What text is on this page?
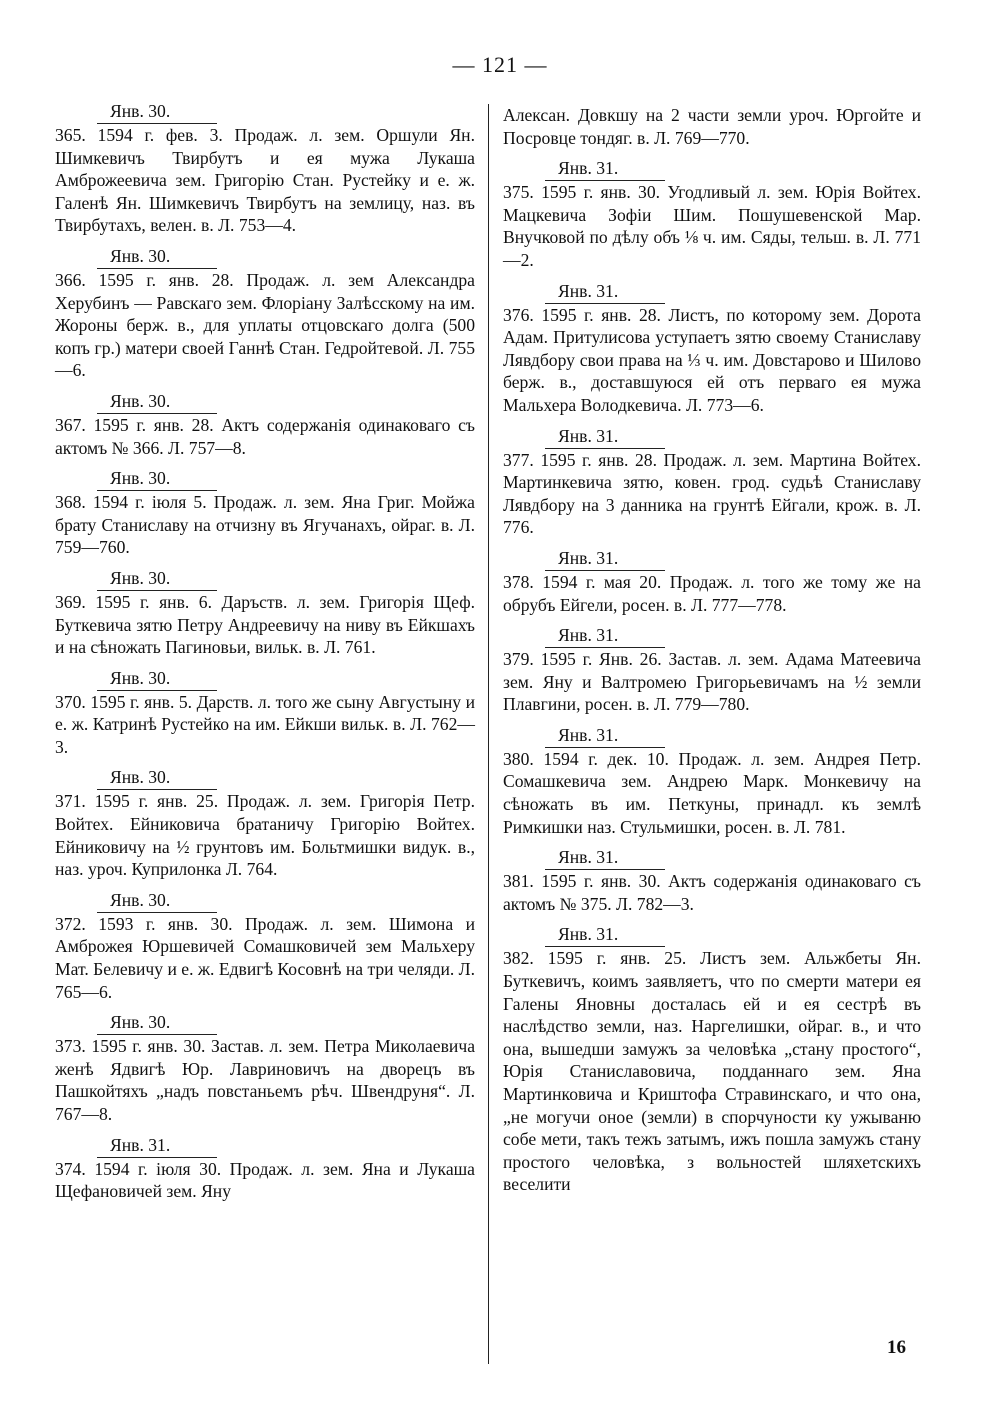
— 121 —
Янв. 30.

365. 1594 г. фев. 3. Продаж. л. зем. Оршули Ян. Шимкевичъ Твирбутъ и ея мужа Лукаша Амброжеевича зем. Григорію Стан. Рустейку и е. ж. Галенѣ Ян. Шимкевичъ Твирбутъ на землицу, наз. въ Твирбутахъ, велен. в. Л. 753—4.

Янв. 30.

366. 1595 г. янв. 28. Продаж. л. зем Александра Херубинъ — Равскаго зем. Флоріану Залѣсскому на им. Жороны берж. в., для уплаты отцовскаго долга (500 копъ гр.) матери своей Ганнѣ Стан. Гедройтевой. Л. 755—6.

Янв. 30.

367. 1595 г. янв. 28. Актъ содержанія одинаковаго съ актомъ № 366. Л. 757—8.

Янв. 30.

368. 1594 г. іюля 5. Продаж. л. зем. Яна Григ. Мойжа брату Станиславу на отчизну въ Ягучанахъ, ойраг. в. Л. 759—760.

Янв. 30.

369. 1595 г. янв. 6. Даръств. л. зем. Григорія Щеф. Буткевича зятю Петру Андреевичу на ниву въ Ейкшахъ и на сѣножать Пагиновьи, вильк. в. Л. 761.

Янв. 30.

370. 1595 г. янв. 5. Дарств. л. того же сыну Августыну и е. ж. Катринѣ Рустейко на им. Ейкши вильк. в. Л. 762—3.

Янв. 30.

371. 1595 г. янв. 25. Продаж. л. зем. Григорія Петр. Войтех. Ейниковича братаничу Григорію Войтех. Ейниковичу на ½ грунтовъ им. Больтмишки видук. в., наз. уроч. Куприлонка Л. 764.

Янв. 30.

372. 1593 г. янв. 30. Продаж. л. зем. Шимона и Амброжея Юршевичей Сомашковичей зем Мальхеру Мат. Белевичу и е. ж. Едвигѣ Косовнѣ на три челяди. Л. 765—6.

Янв. 30.

373. 1595 г. янв. 30. Застав. л. зем. Петра Миколаевича женѣ Ядвигѣ Юр. Лавриновичъ на дворецъ въ Пашкойтяхъ „надъ повстаньемъ рѣч. Швендруня“. Л. 767—8.

Янв. 31.

374. 1594 г. іюля 30. Продаж. л. зем. Яна и Лукаша Щефановичей зем. Яну

Алексан. Довкшу на 2 части земли уроч. Юргойте и Посровце тондяг. в. Л. 769—770.

Янв. 31.

375. 1595 г. янв. 30. Угодливый л. зем. Юрія Войтех. Мацкевича Зофіи Шим. Пошушевенской Мар. Внучковой по дѣлу объ ⅛ ч. им. Сяды, тельш. в. Л. 771—2.

Янв. 31.

376. 1595 г. янв. 28. Листъ, по которому зем. Дорота Адам. Притулисова уступаетъ зятю своему Станиславу Лявдбору свои права на ⅓ ч. им. Довстарово и Шилово берж. в., доставшуюся ей отъ перваго ея мужа Мальхера Володкевича. Л. 773—6.

Янв. 31.

377. 1595 г. янв. 28. Продаж. л. зем. Мартина Войтех. Мартинкевича зятю, ковен. грод. судьѣ Станиславу Лявдбору на 3 данника на грунтѣ Ейгали, крож. в. Л. 776.

Янв. 31.

378. 1594 г. мая 20. Продаж. л. того же тому же на обрубъ Ейгели, росен. в. Л. 777—778.

Янв. 31.

379. 1595 г. Янв. 26. Застав. л. зем. Адама Матеевича зем. Яну и Валтромею Григорьевичамъ на ½ земли Плавгини, росен. в. Л. 779—780.

Янв. 31.

380. 1594 г. дек. 10. Продаж. л. зем. Андрея Петр. Сомашкевича зем. Андрею Марк. Монкевичу на сѣножать въ им. Петкуны, принадл. къ землѣ Римкишки наз. Стульмишки, росен. в. Л. 781.

Янв. 31.

381. 1595 г. янв. 30. Актъ содержанія одинаковаго съ актомъ № 375. Л. 782—3.

Янв. 31.

382. 1595 г. янв. 25. Листъ зем. Альжбеты Ян. Буткевичъ, коимъ заявляетъ, что по смерти матери ея Галены Яновны досталась ей и ея сестрѣ въ наслѣдство земли, наз. Наргелишки, ойраг. в., и что она, вышедши замужъ за человѣка „стану простого“, Юрія Станиславовича, подданнаго зем. Яна Мартинковича и Криштофа Стравинскаго, и что она, „не могучи оное (земли) в спорчуности ку ужываню собе мети, такъ тежъ затымъ, ижъ пошла замужъ стану простого человѣка, з вольностей шляхетскихъ веселити

16
